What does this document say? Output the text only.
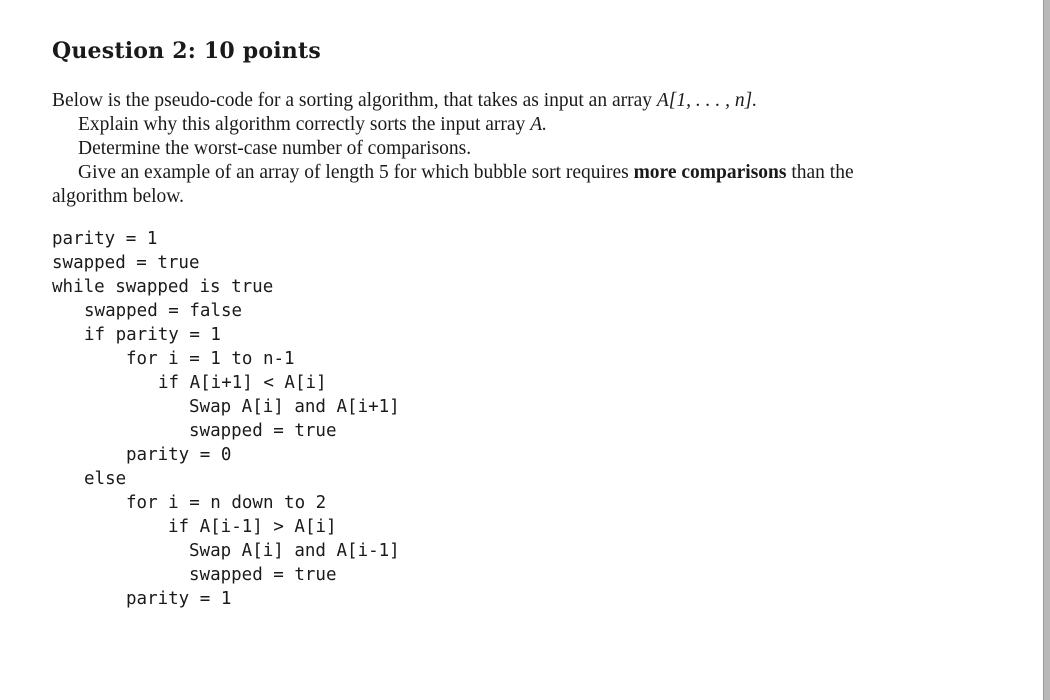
Question 2: 10 points
Below is the pseudo-code for a sorting algorithm, that takes as input an array A[1, . . . , n].
Explain why this algorithm correctly sorts the input array A.
Determine the worst-case number of comparisons.
Give an example of an array of length 5 for which bubble sort requires more comparisons than the
algorithm below.
parity = 1
swapped = true
while swapped is true
swapped = false
if parity = 1
for i = 1 to n-1
if A[i+1] < A[i]
Swap A[i] and A[i+1]
swapped = true
parity = 0
else
for i = n down to 2
if A[i-1] > A[i]
Swap A[i] and A[i-1]
swapped = true
parity = 1
